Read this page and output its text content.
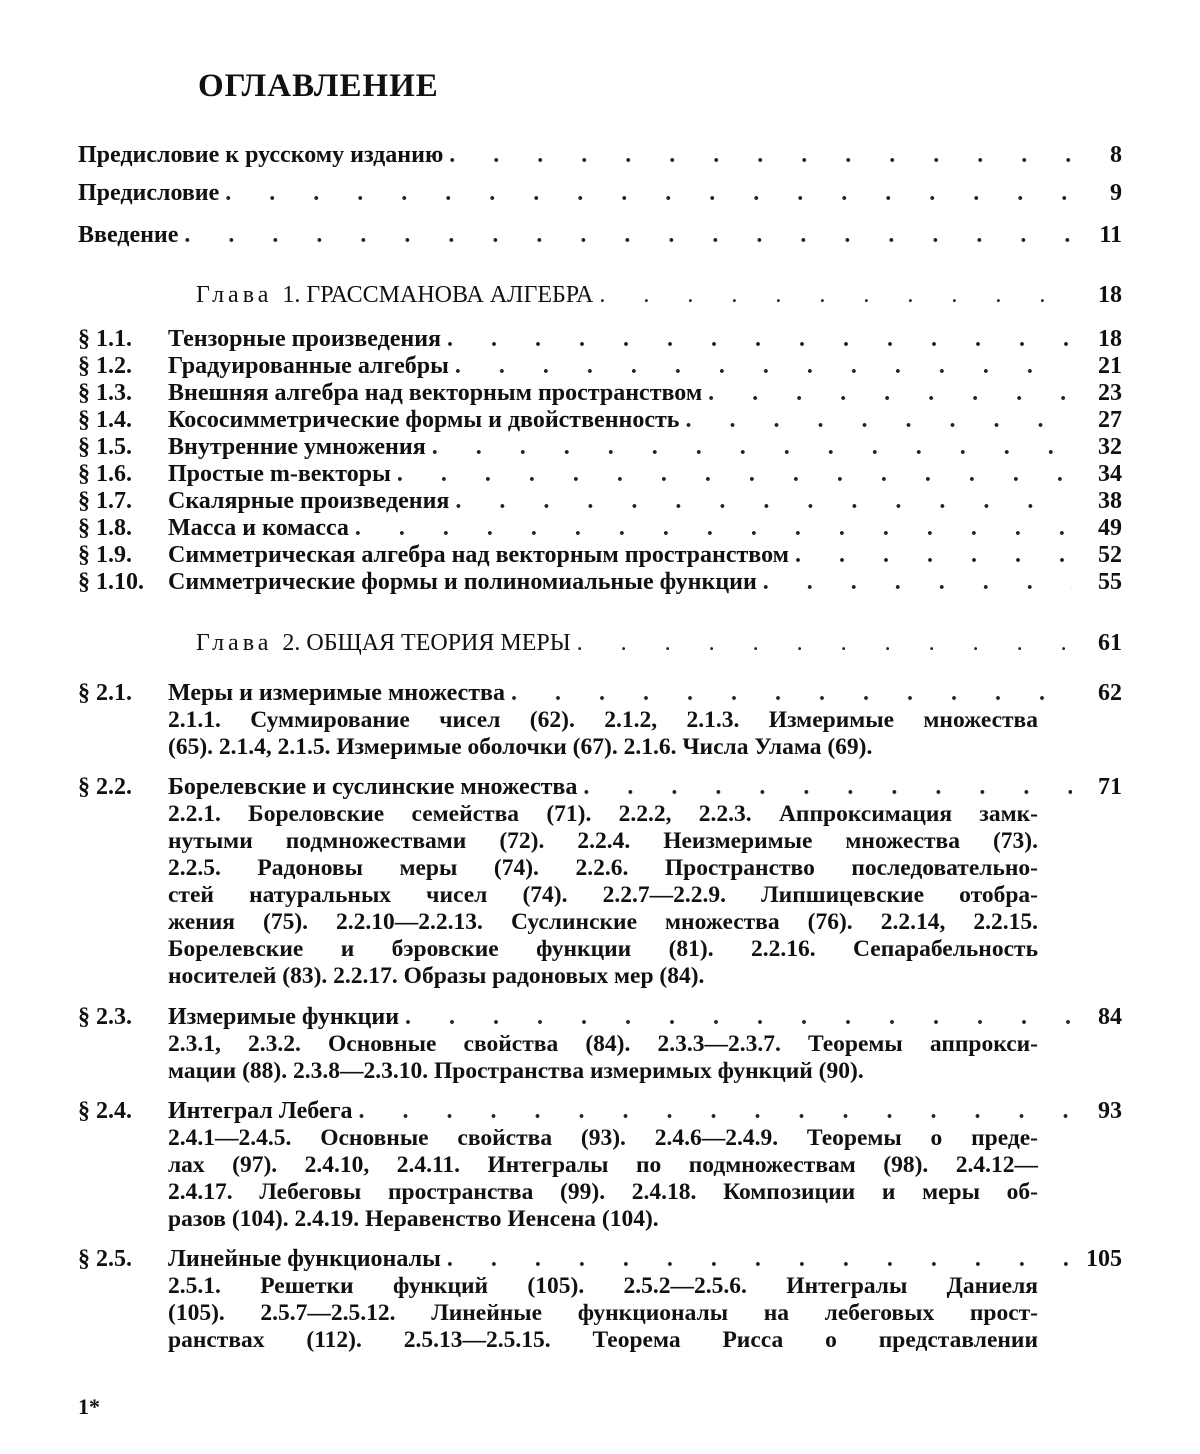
ОГЛАВЛЕНИЕ
Предисловие к русскому изданию . . .	8
Предисловие . . .	9
Введение . . .	11
Глава 1. ГРАССМАНОВА АЛГЕБРА . . .	18
§ 1.1.	Тензорные произведения . . .	18
§ 1.2.	Градуированные алгебры . . .	21
§ 1.3.	Внешняя алгебра над векторным пространством . . .	23
§ 1.4.	Кососимметрические формы и двойственность . . .	27
§ 1.5.	Внутренние умножения . . .	32
§ 1.6.	Простые m-векторы . . .	34
§ 1.7.	Скалярные произведения . . .	38
§ 1.8.	Масса и комасса . . .	49
§ 1.9.	Симметрическая алгебра над векторным пространством . . .	52
§ 1.10.	Симметрические формы и полиномиальные функции . . .	55
Глава 2. ОБЩАЯ ТЕОРИЯ МЕРЫ . . .	61
§ 2.1.	Меры и измеримые множества . . .	62
2.1.1. Суммирование чисел (62). 2.1.2, 2.1.3. Измеримые множества
(65). 2.1.4, 2.1.5. Измеримые оболочки (67). 2.1.6. Числа Улама (69).
§ 2.2.	Борелевские и суслинские множества . . .	71
2.2.1. Бореловские семейства (71). 2.2.2, 2.2.3. Аппроксимация замк-
нутыми подмножествами (72). 2.2.4. Неизмеримые множества (73).
2.2.5. Радоновы меры (74). 2.2.6. Пространство последовательно-
стей натуральных чисел (74). 2.2.7—2.2.9. Липшицевские отобра-
жения (75). 2.2.10—2.2.13. Суслинские множества (76). 2.2.14, 2.2.15.
Борелевские и бэровские функции (81). 2.2.16. Сепарабельность
носителей (83). 2.2.17. Образы радоновых мер (84).
§ 2.3.	Измеримые функции . . .	84
2.3.1, 2.3.2. Основные свойства (84). 2.3.3—2.3.7. Теоремы аппрокси-
мации (88). 2.3.8—2.3.10. Пространства измеримых функций (90).
§ 2.4.	Интеграл Лебега . . .	93
2.4.1—2.4.5. Основные свойства (93). 2.4.6—2.4.9. Теоремы о преде-
лах (97). 2.4.10, 2.4.11. Интегралы по подмножествам (98). 2.4.12—
2.4.17. Лебеговы пространства (99). 2.4.18. Композиции и меры об-
разов (104). 2.4.19. Неравенство Иенсена (104).
§ 2.5.	Линейные функционалы . . .	105
2.5.1. Решетки функций (105). 2.5.2—2.5.6. Интегралы Даниеля
(105). 2.5.7—2.5.12. Линейные функционалы на лебеговых прост-
ранствах (112). 2.5.13—2.5.15. Теорема Рисса о представлении
1*
